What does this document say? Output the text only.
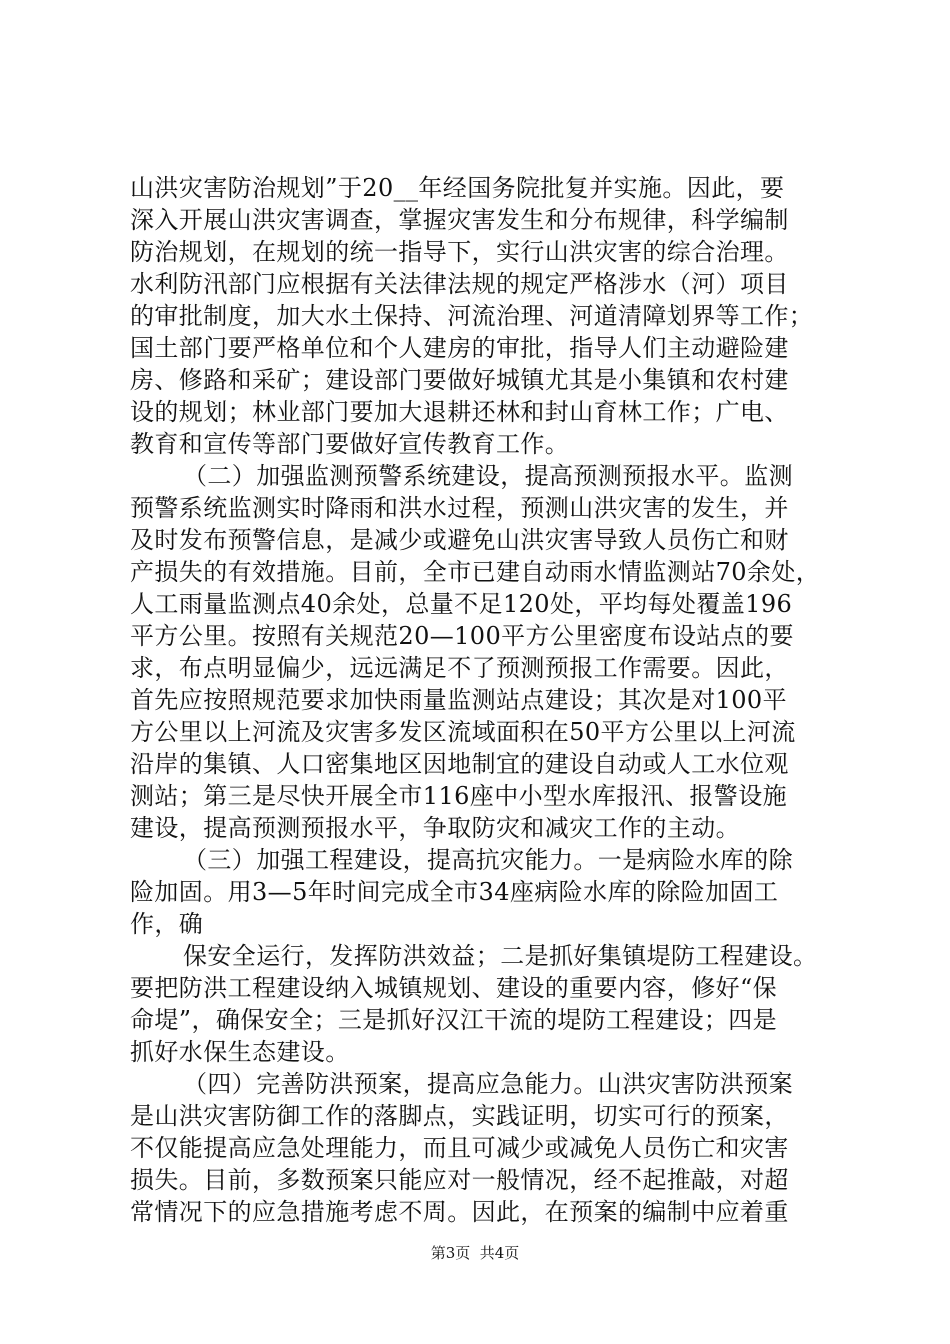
山洪灾害防治规划”于20__年经国务院批复并实施。因此，要
深入开展山洪灾害调查，掌握灾害发生和分布规律，科学编制
防治规划，在规划的统一指导下，实行山洪灾害的综合治理。
水利防汛部门应根据有关法律法规的规定严格涉水（河）项目
的审批制度，加大水土保持、河流治理、河道清障划界等工作；
国土部门要严格单位和个人建房的审批，指导人们主动避险建
房、修路和采矿；建设部门要做好城镇尤其是小集镇和农村建
设的规划；林业部门要加大退耕还林和封山育林工作；广电、
教育和宣传等部门要做好宣传教育工作。
（二）加强监测预警系统建设，提高预测预报水平。监测
预警系统监测实时降雨和洪水过程，预测山洪灾害的发生，并
及时发布预警信息，是减少或避免山洪灾害导致人员伤亡和财
产损失的有效措施。目前，全市已建自动雨水情监测站70余处，
人工雨量监测点40余处，总量不足120处，平均每处覆盖196
平方公里。按照有关规范20—100平方公里密度布设站点的要
求，布点明显偏少，远远满足不了预测预报工作需要。因此，
首先应按照规范要求加快雨量监测站点建设；其次是对100平
方公里以上河流及灾害多发区流域面积在50平方公里以上河流
沿岸的集镇、人口密集地区因地制宜的建设自动或人工水位观
测站；第三是尽快开展全市116座中小型水库报汛、报警设施
建设，提高预测预报水平，争取防灾和减灾工作的主动。
（三）加强工程建设，提高抗灾能力。一是病险水库的除
险加固。用3—5年时间完成全市34座病险水库的除险加固工
作，确
保安全运行，发挥防洪效益；二是抓好集镇堤防工程建设。
要把防洪工程建设纳入城镇规划、建设的重要内容，修好“保
命堤”，确保安全；三是抓好汉江干流的堤防工程建设；四是
抓好水保生态建设。
（四）完善防洪预案，提高应急能力。山洪灾害防洪预案
是山洪灾害防御工作的落脚点，实践证明，切实可行的预案，
不仅能提高应急处理能力，而且可减少或减免人员伤亡和灾害
损失。目前，多数预案只能应对一般情况，经不起推敲，对超
常情况下的应急措施考虑不周。因此，在预案的编制中应着重
第3页  共4页
